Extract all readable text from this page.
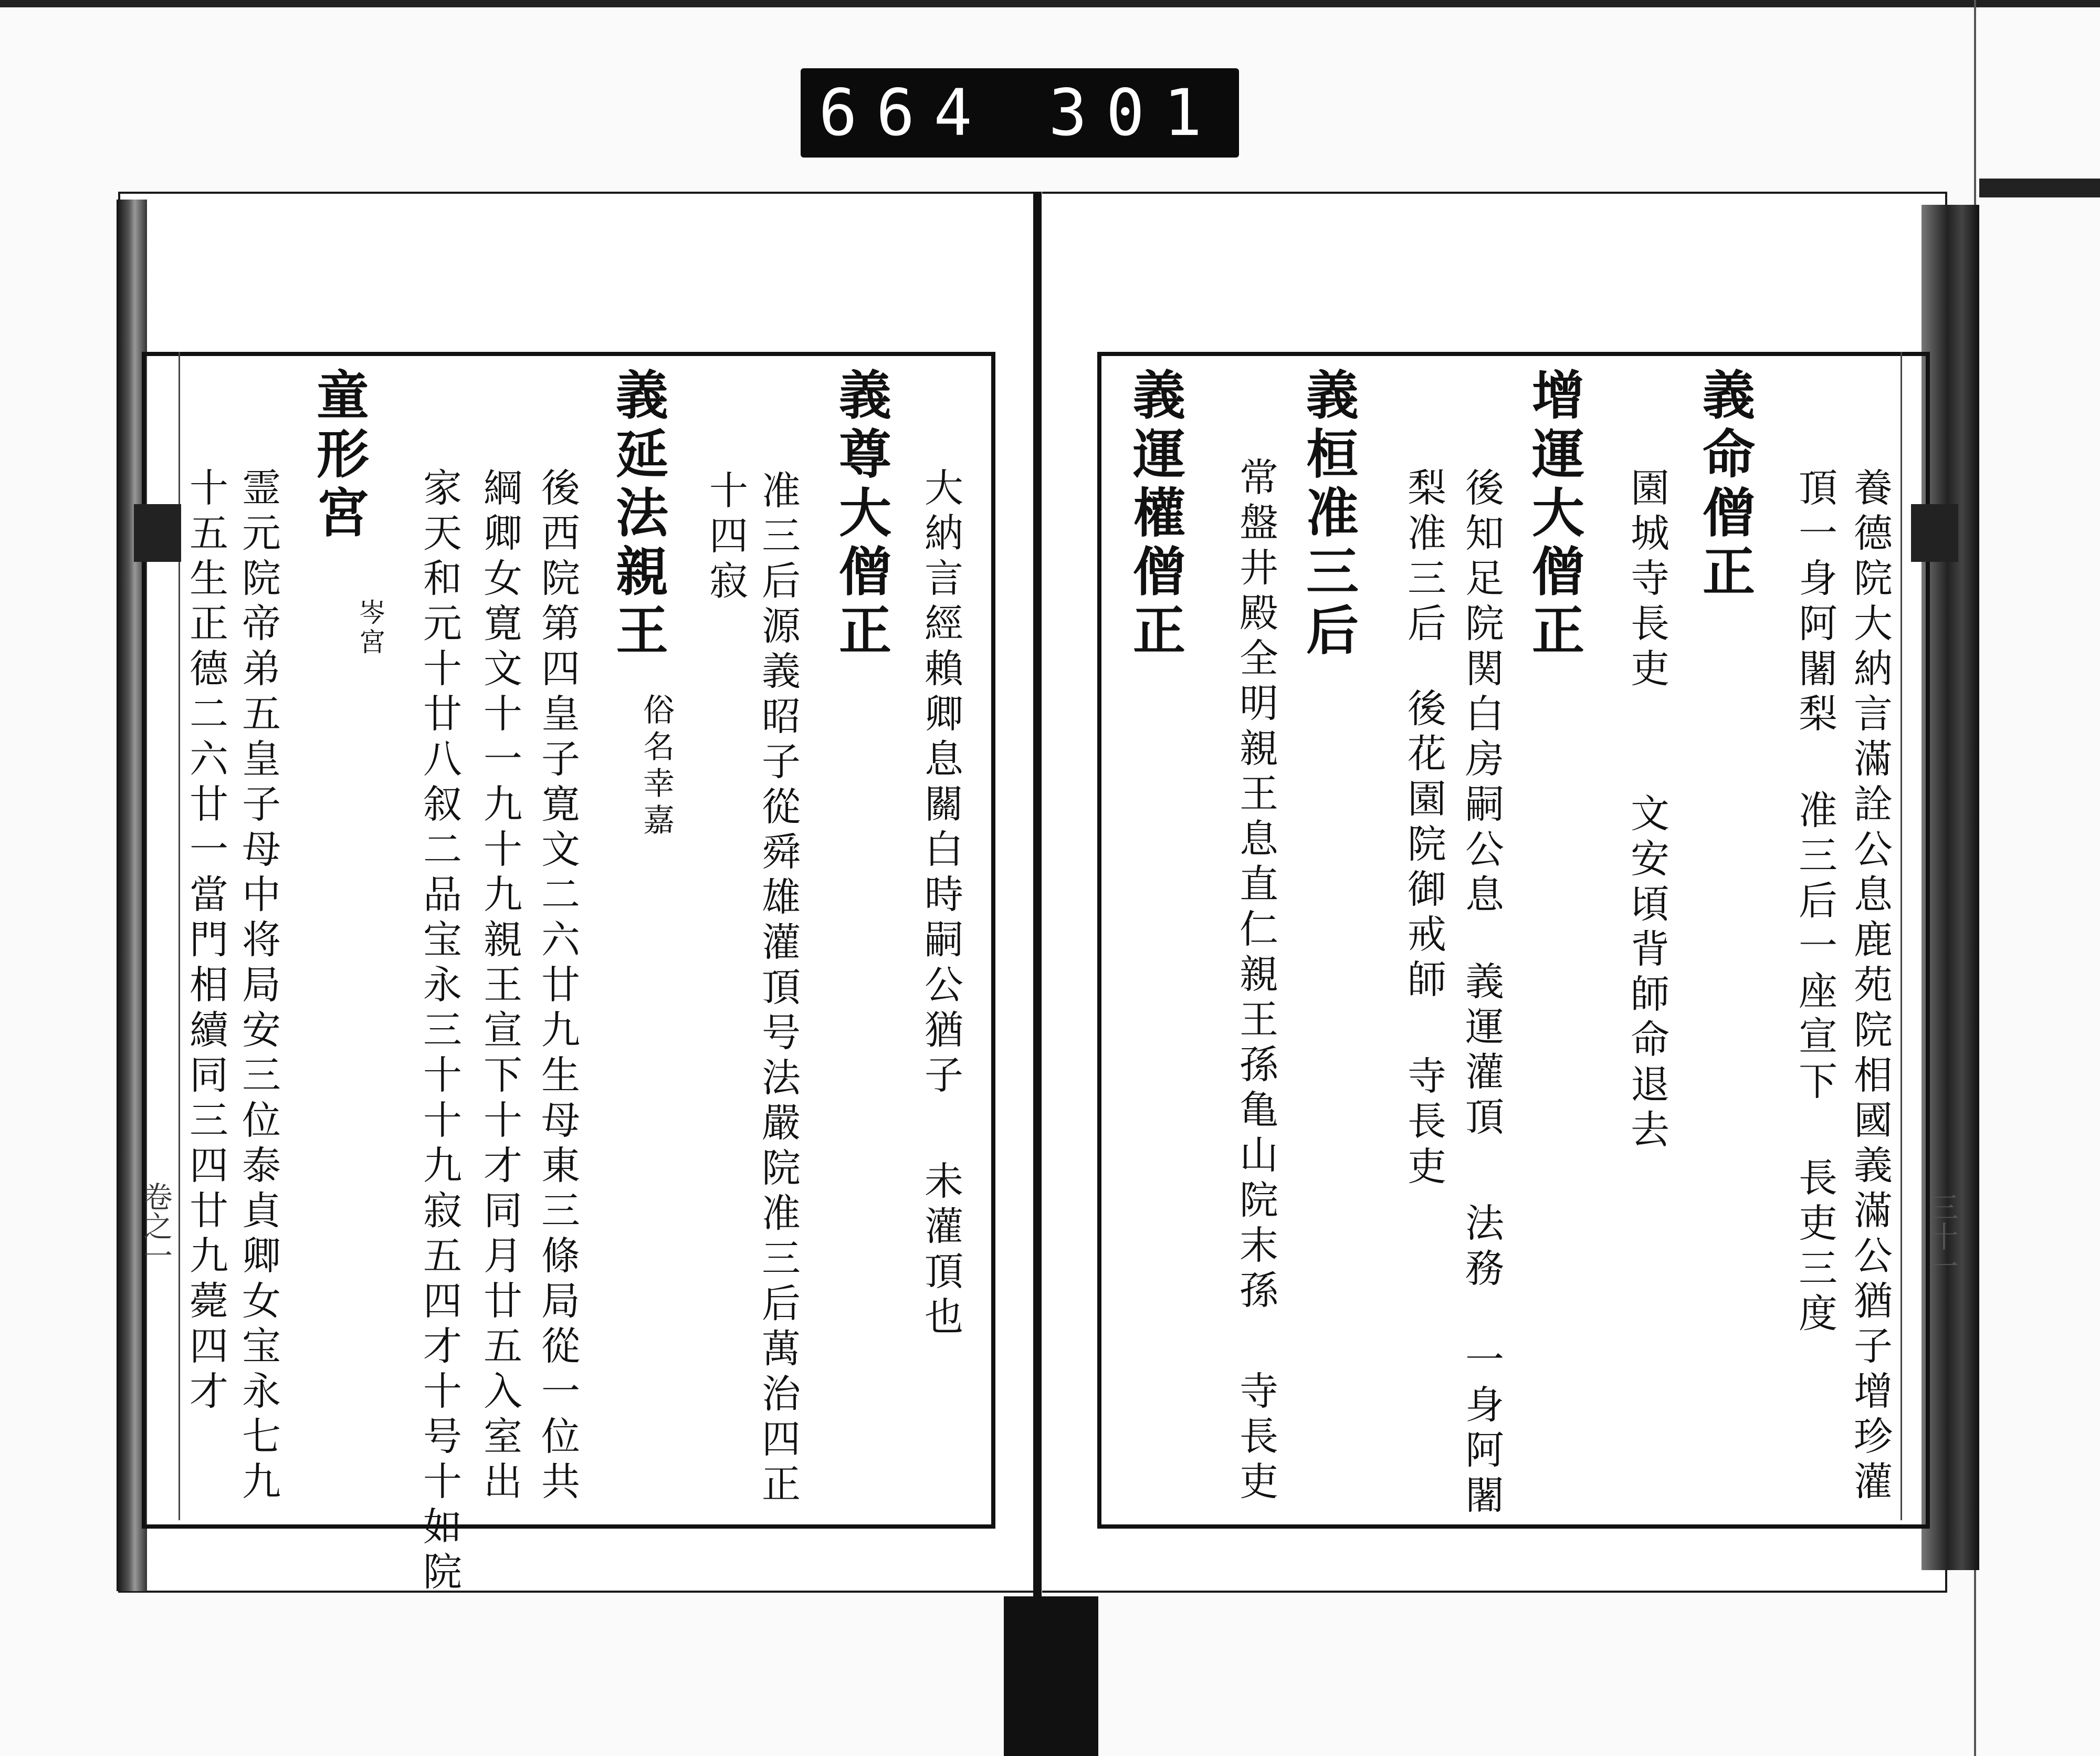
664 301
大納言經賴卿息關白時嗣公猶子
未灌頂也
義尊大僧正
准三后源義昭子從舜雄灌頂号法嚴院准三后萬治四正
十四寂
義延法親王
俗名幸嘉
後西院第四皇子寛文二六廿九生母東三條局從一位共
綱卿女寛文十一九十九親王宣下十才同月廿五入室出
家天和元十廿八叙二品宝永三十十九寂五四才十号十如院
岑宮
童形宮
霊元院帝弟五皇子母中将局安三位泰貞卿女宝永七九
十五生正德二六廿一當門相續同三四廿九薨四才
卷之一	養德院大納言滿詮公息鹿苑院相國義滿公猶子增珍灌
頂一身阿闍梨 准三后一座宣下 長吏三度
義命僧正
園城寺長吏
文安頃背師命退去
增運大僧正
後知足院関白房嗣公息
義運灌頂
法務
一身阿闍
梨准三后
後花園院御戒師
寺長吏
義桓准三后
常盤井殿全明親王息直仁親王孫亀山院末孫
寺長吏
義運權僧正
三十一
